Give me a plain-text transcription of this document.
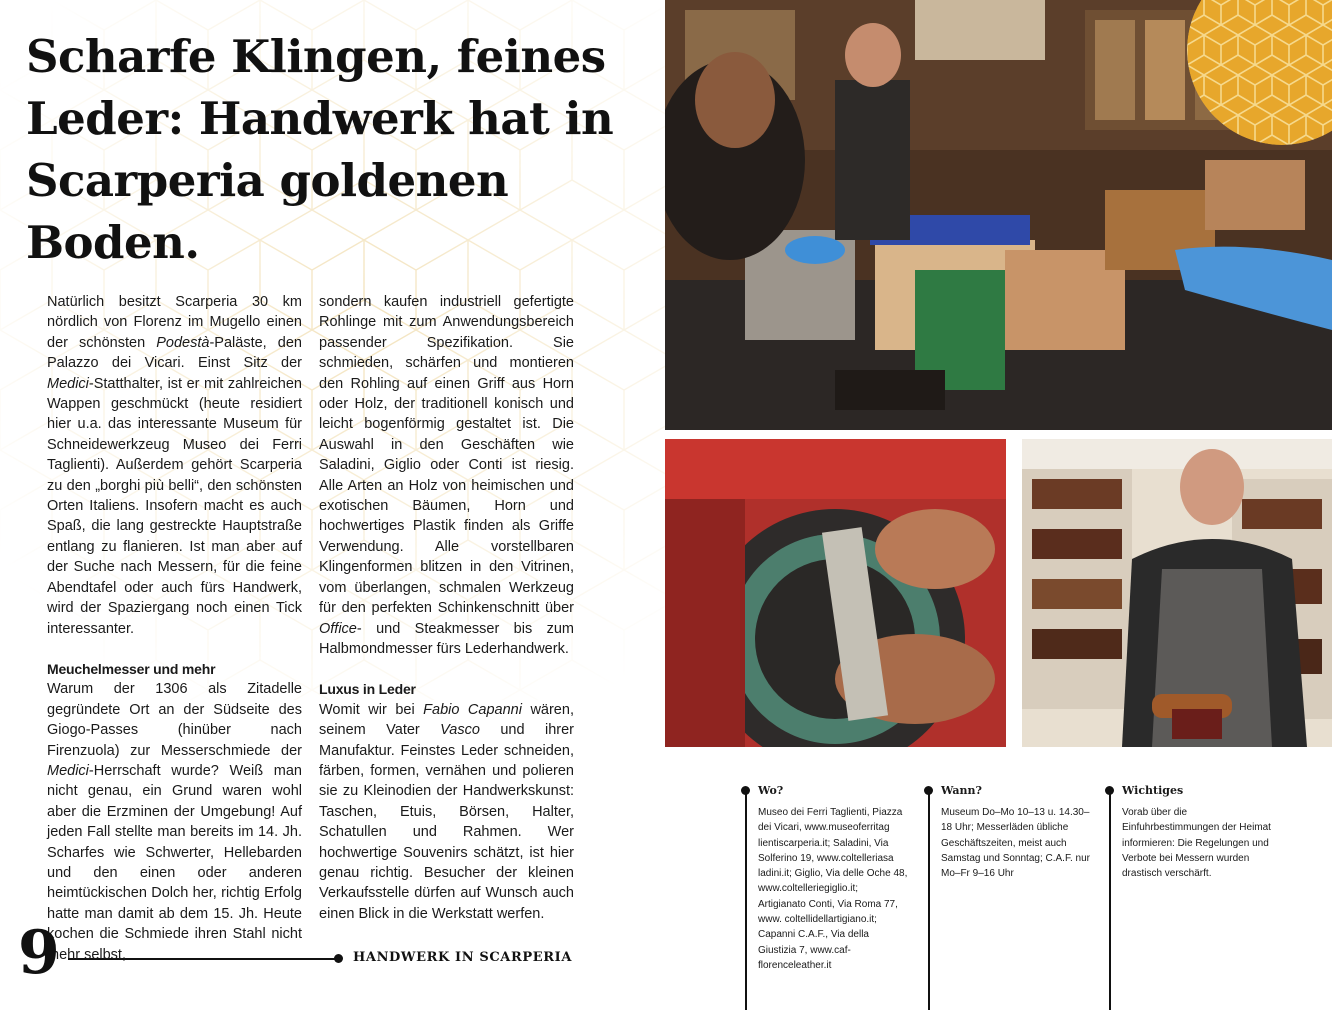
Scharfe Klingen, feines Leder: Handwerk hat in Scarperia goldenen Boden.

Natürlich besitzt Scarperia 30 km nördlich von Florenz im Mugello einen der schönsten Podestà-Paläste, den Palazzo dei Vicari. Einst Sitz der Medici-Statthalter, ist er mit zahlreichen Wappen geschmückt (heute residiert hier u.a. das interessante Museum für Schneidewerkzeug Museo dei Ferri Taglienti). Außerdem gehört Scarperia zu den „borghi più belli“, den schönsten Orten Italiens. Insofern macht es auch Spaß, die lang gestreckte Hauptstraße entlang zu flanieren. Ist man aber auf der Suche nach Messern, für die feine Abendtafel oder auch fürs Handwerk, wird der Spaziergang noch einen Tick interessanter.

Meuchelmesser und mehr

Warum der 1306 als Zitadelle gegründete Ort an der Südseite des Giogo-Passes (hinüber nach Firenzuola) zur Messerschmiede der Medici-Herrschaft wurde? Weiß man nicht genau, ein Grund waren wohl aber die Erzminen der Umgebung! Auf jeden Fall stellte man bereits im 14. Jh. Scharfes wie Schwerter, Hellebarden und den einen oder anderen heimtückischen Dolch her, richtig Erfolg hatte man damit ab dem 15. Jh. Heute kochen die Schmiede ihren Stahl nicht mehr selbst,

sondern kaufen industriell gefertigte Rohlinge mit zum Anwendungsbereich passender Spezifikation. Sie schmieden, schärfen und montieren den Rohling auf einen Griff aus Horn oder Holz, der traditionell konisch und leicht bogenförmig gestaltet ist. Die Auswahl in den Geschäften wie Saladini, Giglio oder Conti ist riesig. Alle Arten an Holz von heimischen und exotischen Bäumen, Horn und hochwertiges Plastik finden als Griffe Verwendung. Alle vorstellbaren Klingenformen blitzen in den Vitrinen, vom überlangen, schmalen Werkzeug für den perfekten Schinkenschnitt über Office- und Steakmesser bis zum Halbmondmesser fürs Lederhandwerk.

Luxus in Leder

Womit wir bei Fabio Capanni wären, seinem Vater Vasco und ihrer Manufaktur. Feinstes Leder schneiden, färben, formen, vernähen und polieren sie zu Kleinodien der Handwerkskunst: Taschen, Etuis, Börsen, Halter, Schatullen und Rahmen. Wer hochwertige Souvenirs schätzt, ist hier genau richtig. Besucher der kleinen Verkaufsstelle dürfen auf Wunsch auch einen Blick in die Werkstatt werfen.

Wo?
Museo dei Ferri Taglienti, Piazza dei Vicari, www.museoferritag lientiscarperia.it; Saladini, Via Solferino 19, www.coltelleriasa ladini.it; Giglio, Via delle Oche 48, www.coltelleriegiglio.it; Artigianato Conti, Via Roma 77, www. coltellidellartigiano.it; Capanni C.A.F., Via della Giustizia 7, www.caf-florenceleather.it
Wann?
Museum Do–Mo 10–13 u. 14.30–18 Uhr; Messerläden übliche Geschäftszeiten, meist auch Samstag und Sonntag; C.A.F. nur Mo–Fr 9–16 Uhr
Wichtiges
Vorab über die Einfuhrbestimmungen der Heimat informieren: Die Regelungen und Verbote bei Messern wurden drastisch verschärft.
9	HANDWERK IN SCARPERIA
